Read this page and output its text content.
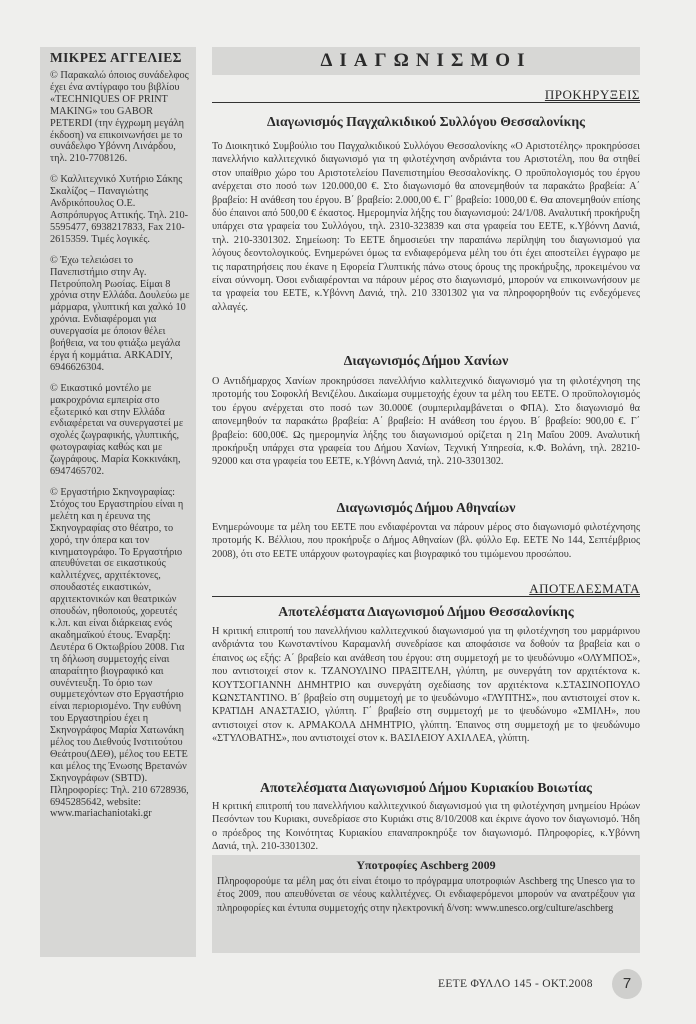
ΜΙΚΡΕΣ ΑΓΓΕΛΙΕΣ

© Παρακαλώ όποιος συνάδελφος έχει ένα αντίγραφο του βιβλίου «TECHNIQUES OF PRINT MAKING» του GABOR PETERDI (την έγχρωμη μεγάλη έκδοση) να επικοινωνήσει με το συνάδελφο Υβόννη Λινάρδου, τηλ. 210-7708126.

© Καλλιτεχνικό Χυτήριο Σάκης Σκαλίζος – Παναγιώτης Ανδρικόπουλος Ο.Ε. Ασπρόπυργος Αττικής. Τηλ. 210-5595477, 6938217833, Fax 210-2615359. Τιμές λογικές.

© Έχω τελειώσει το Πανεπιστήμιο στην Αγ. Πετρούπολη Ρωσίας. Είμαι 8 χρόνια στην Ελλάδα. Δουλεύω με μάρμαρα, γλυπτική και χαλκό 10 χρόνια. Ενδιαφέρομαι για συνεργασία με όποιον θέλει βοήθεια, να του φτιάξω μεγάλα έργα ή κομμάτια. ARKADIY, 6946626304.

© Εικαστικό μοντέλο με μακροχρόνια εμπειρία στο εξωτερικό και στην Ελλάδα ενδιαφέρεται να συνεργαστεί με σχολές ζωγραφικής, γλυπτικής, φωτογραφίας καθώς και με ζωγράφους. Μαρία Κοκκινάκη, 6947465702.

© Εργαστήριο Σκηνογραφίας: Στόχος του Εργαστηρίου είναι η μελέτη και η έρευνα της Σκηνογραφίας στο θέατρο, το χορό, την όπερα και τον κινηματογράφο. Το Εργαστήριο απευθύνεται σε εικαστικούς καλλιτέχνες, αρχιτέκτονες, σπουδαστές εικαστικών, αρχιτεκτονικών και θεατρικών σπουδών, ηθοποιούς, χορευτές κ.λπ. και είναι διάρκειας ενός ακαδημαϊκού έτους. Έναρξη: Δευτέρα 6 Οκτωβρίου 2008. Για τη δήλωση συμμετοχής είναι απαραίτητο βιογραφικό και συνέντευξη. Το όριο των συμμετεχόντων στο Εργαστήριο είναι περιορισμένο. Την ευθύνη του Εργαστηρίου έχει η Σκηνογράφος Μαρία Χατωνάκη μέλος του Διεθνούς Ινστιτούτου Θεάτρου(ΔΕΘ), μέλος του ΕΕΤΕ και μέλος της Ένωσης Βρετανών Σκηνογράφων (SBTD). Πληροφορίες: Τηλ. 210 6728936, 6945285642, website: www.mariachaniotaki.gr

ΔΙΑΓΩΝΙΣΜΟΙ
ΠΡΟΚΗΡΥΞΕΙΣ
Διαγωνισμός Παγχαλκιδικού Συλλόγου Θεσσαλονίκης

Το Διοικητικό Συμβούλιο του Παγχαλκιδικού Συλλόγου Θεσσαλονίκης «Ο Αριστοτέλης» προκηρύσσει πανελλήνιο καλλιτεχνικό διαγωνισμό για τη φιλοτέχνηση ανδριάντα του Αριστοτέλη, που θα στηθεί στον υπαίθριο χώρο του Αριστοτελείου Πανεπιστημίου Θεσσαλονίκης. Ο προϋπολογισμός του έργου ανέρχεται στο ποσό των 120.000,00 €. Στο διαγωνισμό θα απονεμηθούν τα παρακάτω βραβεία: Α΄ βραβείο: Η ανάθεση του έργου. Β΄ βραβείο: 2.000,00 €. Γ΄ βραβείο: 1000,00 €. Θα απονεμηθούν επίσης δύο έπαινοι από 500,00 € έκαστος. Ημερομηνία λήξης του διαγωνισμού: 24/1/08. Αναλυτική προκήρυξη υπάρχει στα γραφεία του Συλλόγου, τηλ. 2310-323839 και στα γραφεία του ΕΕΤΕ, κ.Υβόννη Δανιά, τηλ. 210-3301302. Σημείωση: Το ΕΕΤΕ δημοσιεύει την παραπάνω περίληψη του διαγωνισμού για λόγους δεοντολογικούς. Ενημερώνει όμως τα ενδιαφερόμενα μέλη του ότι έχει αποστείλει έγγραφο με τις παρατηρήσεις που έκανε η Εφορεία Γλυπτικής πάνω στους όρους της προκήρυξης, προκειμένου να είναι σύννομη. Όσοι ενδιαφέρονται να πάρουν μέρος στο διαγωνισμό, μπορούν να επικοινωνήσουν με τα γραφεία του ΕΕΤΕ, κ.Υβόννη Δανιά, τηλ. 210 3301302 για να πληροφορηθούν τις ενδεχόμενες αλλαγές.

Διαγωνισμός Δήμου Χανίων

Ο Αντιδήμαρχος Χανίων προκηρύσσει πανελλήνιο καλλιτεχνικό διαγωνισμό για τη φιλοτέχνηση της προτομής του Σοφοκλή Βενιζέλου. Δικαίωμα συμμετοχής έχουν τα μέλη του ΕΕΤΕ. Ο προϋπολογισμός του έργου ανέρχεται στο ποσό των 30.000€ (συμπεριλαμβάνεται ο ΦΠΑ). Στο διαγωνισμό θα απονεμηθούν τα παρακάτω βραβεία: Α΄ βραβείο: Η ανάθεση του έργου. Β΄ βραβείο: 900,00 €. Γ΄ βραβείο: 600,00€. Ως ημερομηνία λήξης του διαγωνισμού ορίζεται η 21η Μαΐου 2009. Αναλυτική προκήρυξη υπάρχει στα γραφεία του Δήμου Χανίων, Τεχνική Υπηρεσία, κ.Φ. Βολάνη, τηλ. 28210-92000 και στα γραφεία του ΕΕΤΕ, κ.Υβόννη Δανιά, τηλ. 210-3301302.

Διαγωνισμός Δήμου Αθηναίων

Ενημερώνουμε τα μέλη του ΕΕΤΕ που ενδιαφέρονται να πάρουν μέρος στο διαγωνισμό φιλοτέχνησης προτομής Κ. Βέλλιου, που προκήρυξε ο Δήμος Αθηναίων (βλ. φύλλο Εφ. ΕΕΤΕ Νο 144, Σεπτέμβριος 2008), ότι στο ΕΕΤΕ υπάρχουν φωτογραφίες και βιογραφικό του τιμώμενου προσώπου.

ΑΠΟΤΕΛΕΣΜΑΤΑ
Αποτελέσματα Διαγωνισμού Δήμου Θεσσαλονίκης

Η κριτική επιτροπή του πανελλήνιου καλλιτεχνικού διαγωνισμού για τη φιλοτέχνηση του μαρμάρινου ανδριάντα του Κωνσταντίνου Καραμανλή συνεδρίασε και αποφάσισε να δοθούν τα βραβεία και ο έπαινος ως εξής: Α΄ βραβείο και ανάθεση του έργου: στη συμμετοχή με το ψευδώνυμο «ΟΛΥΜΠΟΣ», που αντιστοιχεί στον κ. ΤΖΑΝΟΥΛΙΝΟ ΠΡΑΞΙΤΕΛΗ, γλύπτη, με συνεργάτη τον αρχιτέκτονα κ. ΚΟΥΤΣΟΓΙΑΝΝΗ ΔΗΜΗΤΡΙΟ και συνεργάτη σχεδίασης τον αρχιτέκτονα κ.ΣΤΑΣΙΝΟΠΟΥΛΟ ΚΩΝΣΤΑΝΤΙΝΟ. Β΄ βραβείο στη συμμετοχή με το ψευδώνυμο «ΓΛΥΠΤΗΣ», που αντιστοιχεί στον κ. ΚΡΑΤΙΔΗ ΑΝΑΣΤΑΣΙΟ, γλύπτη. Γ΄ βραβείο στη συμμετοχή με το ψευδώνυμο «ΣΜΙΛΗ», που αντιστοιχεί στον κ. ΑΡΜΑΚΟΛΑ ΔΗΜΗΤΡΙΟ, γλύπτη. Έπαινος στη συμμετοχή με το ψευδώνυμο «ΣΤΥΛΟΒΑΤΗΣ», που αντιστοιχεί στον κ. ΒΑΣΙΛΕΙΟΥ ΑΧΙΛΛΕΑ, γλύπτη.

Αποτελέσματα Διαγωνισμού Δήμου Κυριακίου Βοιωτίας

Η κριτική επιτροπή του πανελλήνιου καλλιτεχνικού διαγωνισμού για τη φιλοτέχνηση μνημείου Ηρώων Πεσόντων του Κυριακι, συνεδρίασε στο Κυριάκι στις 8/10/2008 και έκρινε άγονο τον διαγωνισμό. Ήδη ο πρόεδρος της Κοινότητας Κυριακίου επαναπροκηρύξε τον διαγωνισμό. Πληροφορίες, κ.Υβόννη Δανιά, τηλ. 210-3301302.

Υποτροφίες Aschberg 2009

Πληροφορούμε τα μέλη μας ότι είναι έτοιμο το πρόγραμμα υποτροφιών Aschberg της Unesco για το έτος 2009, που απευθύνεται σε νέους καλλιτέχνες. Οι ενδιαφερόμενοι μπορούν να ανατρέξουν για πληροφορίες και έντυπα συμμετοχής στην ηλεκτρονική δ/νση: www.unesco.org/culture/aschberg

ΕΕΤΕ ΦΥΛΛΟ 145 - ΟΚΤ.2008	7
